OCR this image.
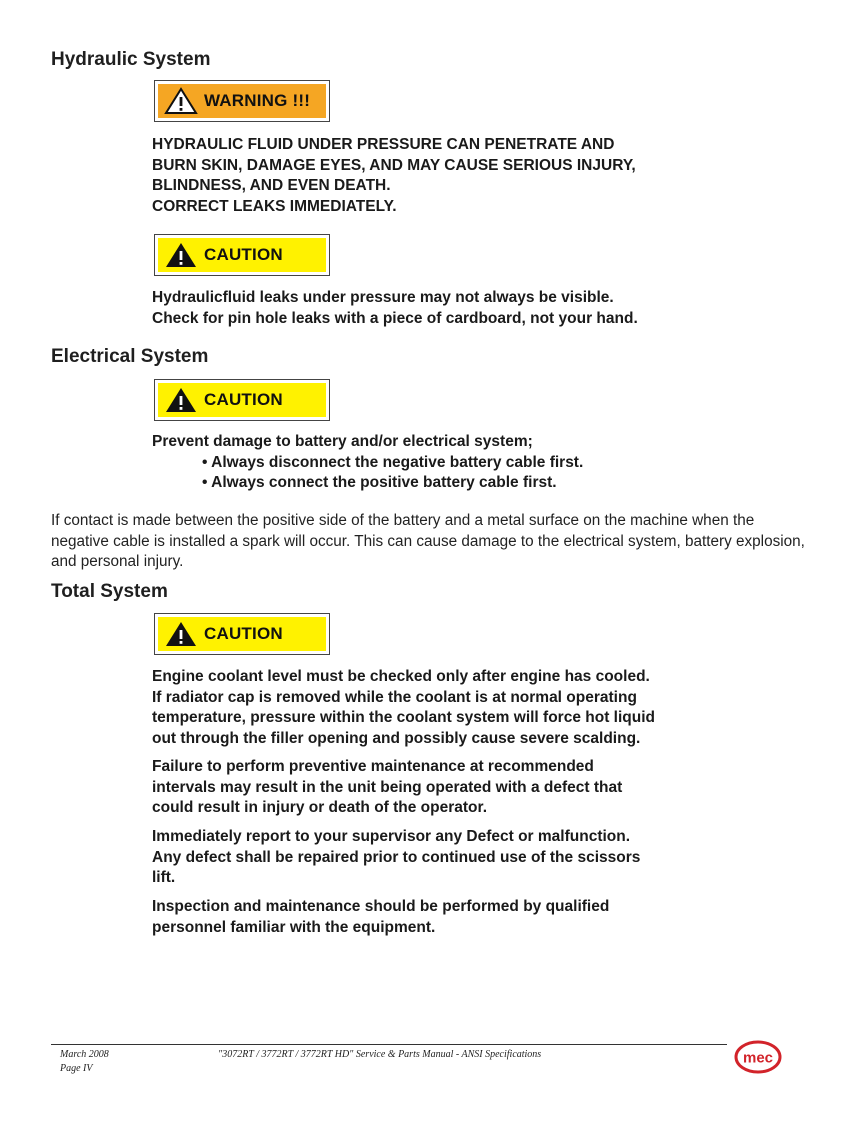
Hydraulic System
WARNING !!!
HYDRAULIC FLUID UNDER PRESSURE CAN PENETRATE AND
BURN SKIN, DAMAGE EYES, AND MAY CAUSE SERIOUS INJURY,
BLINDNESS, AND EVEN DEATH.
CORRECT LEAKS IMMEDIATELY.
CAUTION
Hydraulicfluid leaks under pressure may not always be visible.
Check for pin hole leaks with a piece of cardboard, not your hand.
Electrical System
CAUTION
Prevent damage to battery and/or electrical system;
• Always disconnect the negative battery cable first.
• Always connect the positive battery cable first.
If contact is made between the positive side of the battery and a metal surface on the machine when the negative cable is installed a spark will occur. This can cause damage to the electrical system, battery explosion, and personal injury.
Total System
CAUTION
Engine coolant level must be checked only after engine has cooled.
If radiator cap is removed while the coolant is at normal operating
temperature, pressure within the coolant system will force hot liquid
out through the filler opening and possibly cause severe scalding.
Failure to perform preventive maintenance at recommended
intervals may result in the unit being operated with a defect that
could result in injury or death of the operator.
Immediately report to your supervisor any Defect or malfunction.
Any defect shall be repaired prior to continued use of the scissors
lift.
Inspection and maintenance should be performed by qualified
personnel familiar with the equipment.
March 2008
Page IV
"3072RT / 3772RT / 3772RT HD" Service & Parts Manual - ANSI Specifications	mec
